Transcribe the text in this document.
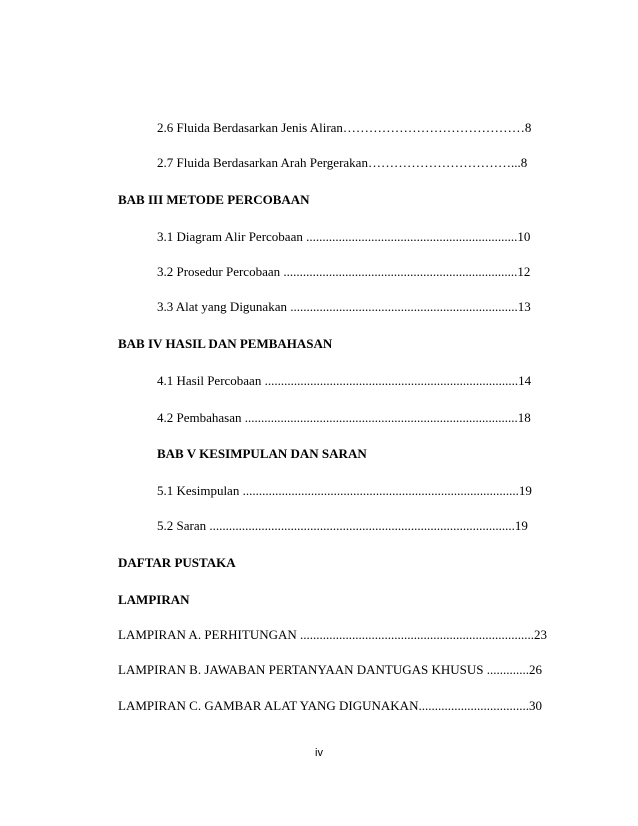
2.6 Fluida Berdasarkan Jenis Aliran……………………………………8
2.7 Fluida Berdasarkan Arah Pergerakan……………………………...8
BAB III METODE PERCOBAAN
3.1 Diagram Alir Percobaan .................................................................10
3.2 Prosedur Percobaan ........................................................................12
3.3 Alat yang Digunakan ......................................................................13
BAB IV HASIL DAN PEMBAHASAN
4.1 Hasil Percobaan ..............................................................................14
4.2 Pembahasan ....................................................................................18
BAB V KESIMPULAN DAN SARAN
5.1 Kesimpulan .....................................................................................19
5.2 Saran ..............................................................................................19
DAFTAR PUSTAKA
LAMPIRAN
LAMPIRAN A. PERHITUNGAN ........................................................................23
LAMPIRAN B. JAWABAN PERTANYAAN DANTUGAS KHUSUS .............26
LAMPIRAN C. GAMBAR ALAT YANG DIGUNAKAN..................................30
iv
